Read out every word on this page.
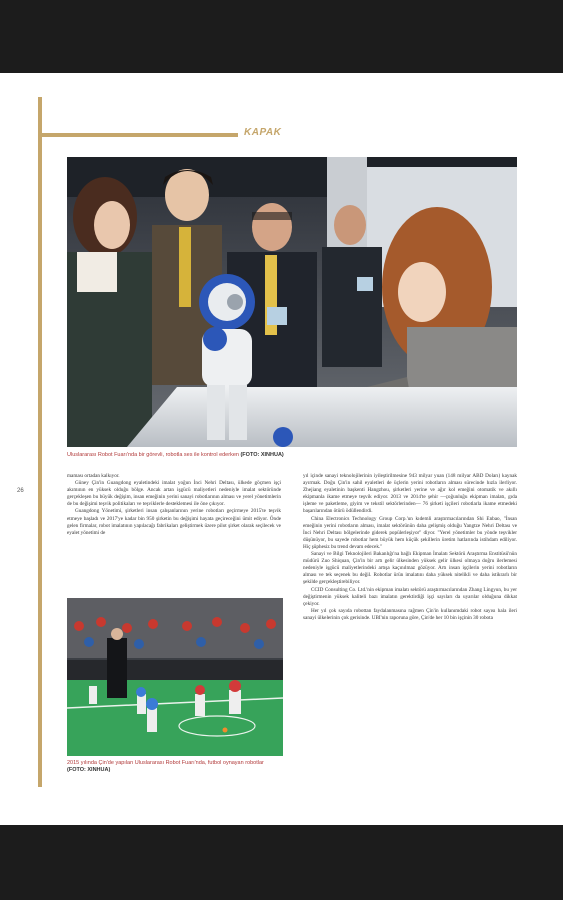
KAPAK
26
Uluslararası Robot Fuarı'nda bir görevli, robotla ses ile kontrol ederken (FOTO: XINHUA)

maması ortadan kalkıyor.

Güney Çin'in Guangdong eyaletindeki imalat yoğun İnci Nehri Deltası, ülkede göçmen işçi akımının en yüksek olduğu bölge. Ancak artan işgücü maliyetleri nedeniyle imalat sektöründe gerçekleşen bu büyük değişim, insan emeğinin yerini sanayi robotlarının alması ve yerel yönetimlerin de bu değişimi teşvik politikaları ve teşviklerle desteklemesi ile öne çıkıyor.

Guangdong Yönetimi, şirketleri insan çalışanlarının yerine robotları geçirmeye 2015'te teşvik etmeye başladı ve 2017'ye kadar bin 950 şirketin bu değişimi hayata geçireceğini ümit ediyor. Önde gelen firmalar, robot imalatının yapılacağı fabrikaları geliştirmek üzere pilot şirket olarak seçilecek ve eyalet yönetimi de

2015 yılında Çin'de yapılan Uluslararası Robot Fuarı'nda, futbol oynayan robotlar (FOTO: XINHUA)

yıl içinde sanayi teknolojilerinin iyileştirilmesine 943 milyar yuan (148 milyar ABD Doları) kaynak ayırmak. Doğu Çin'in sahil eyaletleri de üçlerin yerini robotların alması sürecinde hızla ilerliyor. Zhejiang eyaletinin başkenti Hangzhou, şirketleri yerine ve ağır kol emeğini otomatik ve akıllı ekipmanla ikame etmeye teşvik ediyor. 2013 ve 2014'te şehir —çoğunluğu ekipman imalatı, gıda işleme ve paketleme, giyim ve tekstil sektörlerinden— 76 şirketi işçileri robotlarla ikame etmedeki başarılarından ötürü ödüllendirdi.

China Electronics Technology Group Corp.'un kıdemli araştırmacılarından Shi Enbao, "İnsan emeğinin yerini robotların alması, imalat sektörünün daha gelişmiş olduğu Yangtze Nehri Deltası ve İnci Nehri Deltası bölgelerinde giderek popülerleşiyor" diyor. "Yerel yönetimler bu yönde teşvikler düşünüyor, bu sayede robotlar hem büyük hem küçük şekillerin üretim hatlarında istihdam ediliyor. Hiç şüphesiz bu trend devam edecek."

Sanayi ve Bilgi Teknolojileri Bakanlığı'na bağlı Ekipman İmalatı Sektörü Araştırma Enstitüsü'nün müdürü Zuo Shiquan, Çin'in bir artı gelir ülkesinden yüksek gelir ülkesi olmaya doğru ilerlemesi nedeniyle işgücü maliyetlerindeki artışa kaçınılmaz gözüyor. Artı insan işçilerin yerini robotların alması ve tek seçenek bu değil. Robotlar ürün imalatını daha yüksek nitelikli ve daha istikrarlı bir şekilde gerçekleştirebiliyor.

CCID Consulting Co. Ltd.'nin ekipman imalatı sektörü araştırmacılarından Zhang Lingyun, bu yer değiştirmenin yüksek kaliteli bazı imalatın gerektirdiği işçi sayıları da uyarılar olduğuna dikkat çekiyor.

Her yıl çok sayıda robottan faydalanmasına rağmen Çin'in kullanımdaki robot sayısı hala ileri sanayi ülkelerinin çok gerisinde. UBI'nin raporuna göre, Çin'de her 10 bin işçinin 30 robota
